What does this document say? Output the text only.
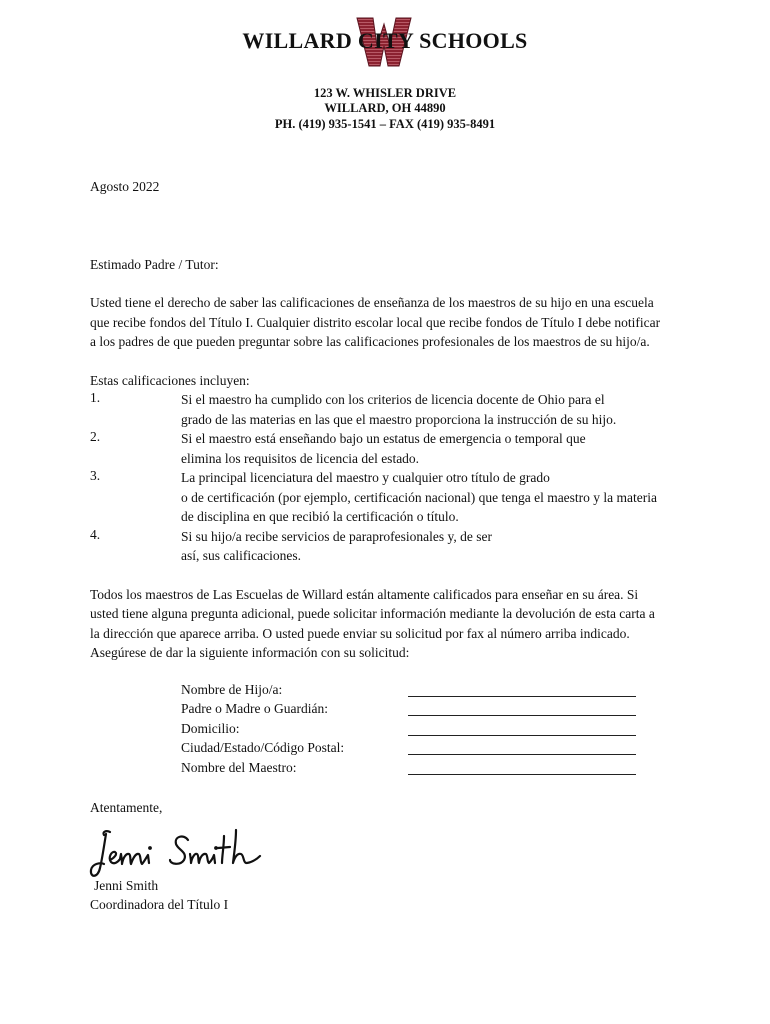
WILLARD CITY SCHOOLS
123 W. WHISLER DRIVE
WILLARD, OH 44890
PH. (419) 935-1541 – FAX (419) 935-8491
Agosto 2022
Estimado Padre / Tutor:
Usted tiene el derecho de saber las calificaciones de enseñanza de los maestros de su hijo en una escuela
que recibe fondos del Título I. Cualquier distrito escolar local que recibe fondos de Título I debe notificar
a los padres de que pueden preguntar sobre las calificaciones profesionales de los maestros de su hijo/a.
Estas calificaciones incluyen:
1.	Si el maestro ha cumplido con los criterios de licencia docente de Ohio para el
grado de las materias en las que el maestro proporciona la instrucción de su hijo.
2.	Si el maestro está enseñando bajo un estatus de emergencia o temporal que
elimina los requisitos de licencia del estado.
3.	La principal licenciatura del maestro y cualquier otro título de grado
o de certificación (por ejemplo, certificación nacional) que tenga el maestro y la materia
de disciplina en que recibió la certificación o título.
4.	Si su hijo/a recibe servicios de paraprofesionales y, de ser
así, sus calificaciones.
Todos los maestros de Las Escuelas de Willard están altamente calificados para enseñar en su área. Si
usted tiene alguna pregunta adicional, puede solicitar información mediante la devolución de esta carta a
la dirección que aparece arriba. O usted puede enviar su solicitud por fax al número arriba indicado.
Asegúrese de dar la siguiente información con su solicitud:
Nombre de Hijo/a:
Padre o Madre o Guardián:
Domicilio:
Ciudad/Estado/Código Postal:
Nombre del Maestro:
Atentamente,
Jenni Smith
Coordinadora del Título I
